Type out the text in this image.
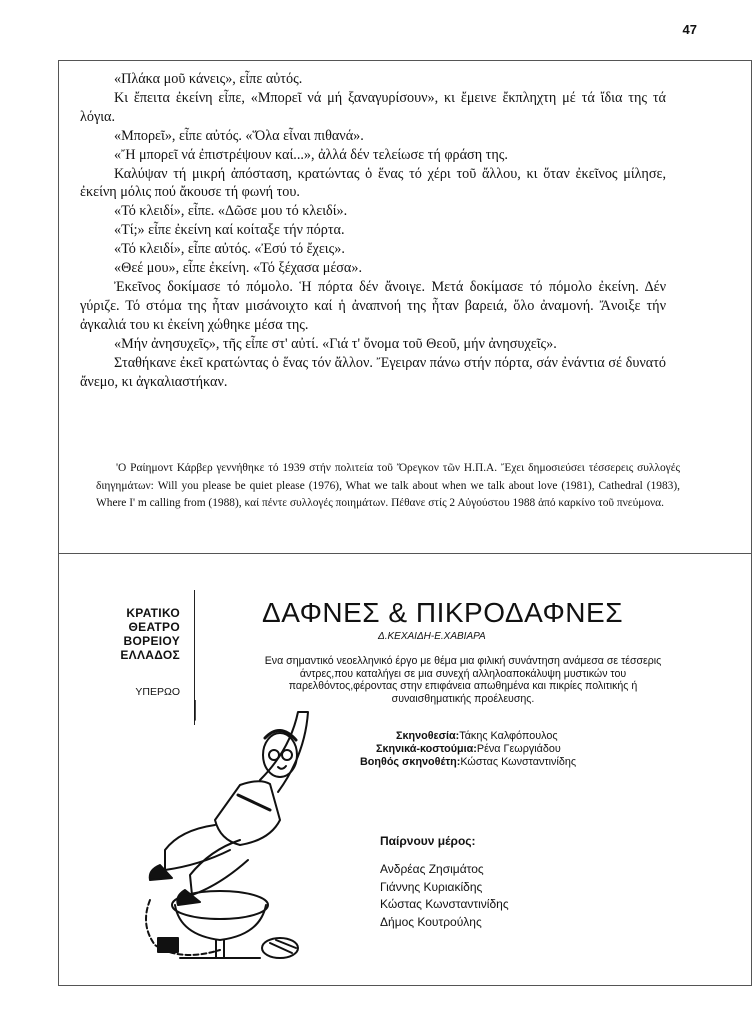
47

«Πλάκα μοῦ κάνεις», εἶπε αὐτός.

Κι ἔπειτα ἐκείνη εἶπε, «Μπορεῖ νά μή ξαναγυρίσουν», κι ἔμεινε ἔκπληχτη μέ τά ἴδια της τά λόγια.

«Μπορεῖ», εἶπε αὐτός. «Ὅλα εἶναι πιθανά».

«Ἤ μπορεῖ νά ἐπιστρέψουν καί...», ἀλλά δέν τελείωσε τή φράση της.

Καλύψαν τή μικρή ἀπόσταση, κρατώντας ὁ ἕνας τό χέρι τοῦ ἄλλου, κι ὅταν ἐκεῖνος μίλησε, ἐκείνη μόλις πού ἄκουσε τή φωνή του.

«Τό κλειδί», εἶπε. «Δῶσε μου τό κλειδί».

«Τί;» εἶπε ἐκείνη καί κοίταξε τήν πόρτα.

«Τό κλειδί», εἶπε αὐτός. «Ἐσύ τό ἔχεις».

«Θεέ μου», εἶπε ἐκείνη. «Τό ξέχασα μέσα».

Ἐκεῖνος δοκίμασε τό πόμολο. Ἡ πόρτα δέν ἄνοιγε. Μετά δοκίμασε τό πόμολο ἐκείνη. Δέν γύριζε. Τό στόμα της ἦταν μισάνοιχτο καί ἡ ἀναπνοή της ἦταν βαρειά, ὅλο ἀναμονή. Ἄνοιξε τήν ἀγκαλιά του κι ἐκείνη χώθηκε μέσα της.

«Μήν ἀνησυχεῖς», τῆς εἶπε στ' αὐτί. «Γιά τ' ὄνομα τοῦ Θεοῦ, μήν ἀνησυχεῖς».

Σταθήκανε ἐκεῖ κρατώντας ὁ ἕνας τόν ἄλλον. Ἔγειραν πάνω στήν πόρτα, σάν ἐνάντια σέ δυνατό ἄνεμο, κι ἀγκαλιαστήκαν.

'Ο Ραίημοντ Κάρβερ γεννήθηκε τό 1939 στήν πολιτεία τοῦ Ὄρεγκον τῶν Η.Π.Α. Ἔχει δημοσιεύσει τέσσερεις συλλογές διηγημάτων: Will you please be quiet please (1976), What we talk about when we talk about love (1981), Cathedral (1983), Where I' m calling from (1988), καί πέντε συλλογές ποιημάτων. Πέθανε στίς 2 Αὐγούστου 1988 ἀπό καρκίνο τοῦ πνεύμονα.

ΚΡΑΤΙΚΟ
ΘΕΑΤΡΟ
ΒΟΡΕΙΟΥ
ΕΛΛΑΔΟΣ
ΥΠΕΡΩΟ
ΔΑΦΝΕΣ & ΠΙΚΡΟΔΑΦΝΕΣ
Δ.ΚΕΧΑΙΔΗ-Ε.ΧΑΒΙΑΡΑ
Ενα σημαντικό νεοελληνικό έργο με θέμα μια φιλική συνάντηση ανάμεσα σε τέσσερις άντρες,που καταλήγει σε μια συνεχή αλληλοαποκάλυψη μυστικών του παρελθόντος,φέροντας στην επιφάνεια απωθημένα και πικρίες πολιτικής ή συναισθηματικής προέλευσης.
Σκηνοθεσία:Τάκης Καλφόπουλος
Σκηνικά-κοστούμια:Ρένα Γεωργιάδου
Βοηθός σκηνοθέτη:Κώστας Κωνσταντινίδης
Παίρνουν μέρος:
Ανδρέας Ζησιμάτος
Γιάννης Κυριακίδης
Κώστας Κωνσταντινίδης
Δήμος Κουτρούλης
